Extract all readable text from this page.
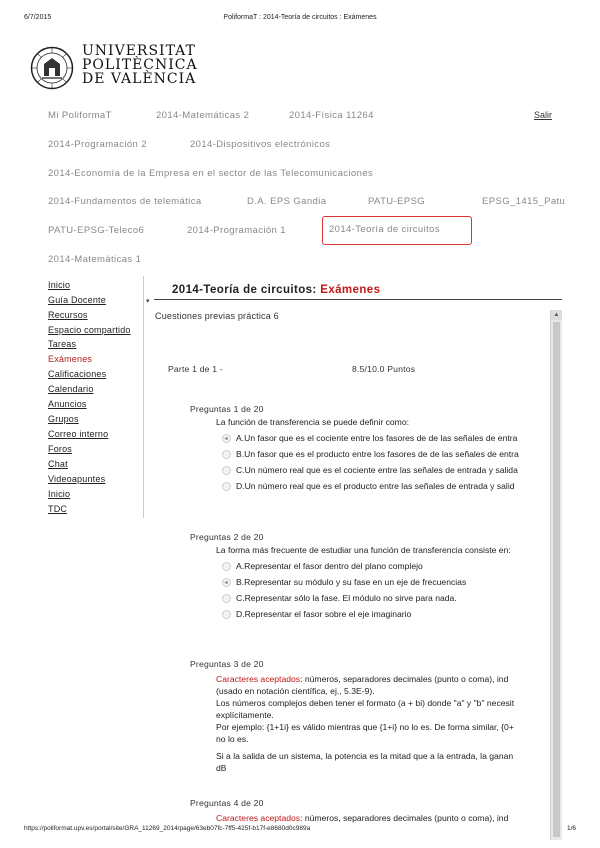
6/7/2015	PoliformaT : 2014-Teoría de circuitos : Exámenes
UNIVERSITAT
POLITÈCNICA
DE VALÈNCIA
Mi PoliformaT	2014-Matemáticas 2	2014-Física 11264
2014-Programación 2	2014-Dispositivos electrónicos
2014-Economía de la Empresa en el sector de las Telecomunicaciones
2014-Fundamentos de telemática	D.A. EPS Gandia	PATU-EPSG	EPSG_1415_Patu
PATU-EPSG-Teleco6	2014-Programación 1	2014-Teoría de circuitos
2014-Matemáticas 1
Salir
Inicio
Guía Docente
Recursos
Espacio compartido
Tareas
Exámenes
Calificaciones
Calendario
Anuncios
Grupos
Correo interno
Foros
Chat
Videoapuntes
Inicio
TDC
▾
2014-Teoría de circuitos: Exámenes
Cuestiones previas práctica 6
Parte 1 de 1 -	8.5/10.0 Puntos
Preguntas 1 de 20
La función de transferencia se puede definir como:
A.Un fasor que es el cociente entre los fasores de de las señales de entra
B.Un fasor que es el producto entre los fasores de de las señales de entra
C.Un número real que es el cociente entre las señales de entrada y salida
D.Un número real que es el producto entre las señales de entrada y salid
Preguntas 2 de 20
La forma más frecuente de estudiar una función de transferencia consiste en:
A.Representar el fasor dentro del plano complejo
B.Representar su módulo y su fase en un eje de frecuencias
C.Representar sólo la fase. El módulo no sirve para nada.
D.Representar el fasor sobre el eje imaginario
Preguntas 3 de 20
Caracteres aceptados: números, separadores decimales (punto o coma), ind
(usado en notación científica, ej., 5.3E-9).
Los números complejos deben tener el formato (a + bi) donde "a" y "b" necesit
explícitamente.
Por ejemplo: {1+1i} es válido mientras que {1+i} no lo es. De forma similar, {0+
no lo es.
Si a la salida de un sistema, la potencia es la mitad que a la entrada, la ganan
dB
Preguntas 4 de 20
Caracteres aceptados: números, separadores decimales (punto o coma), ind
▲
https://poliformat.upv.es/portal/site/GRA_11269_2014/page/63eb07fc-7ff5-425f-b17f-e8680d0c989a	1/6
